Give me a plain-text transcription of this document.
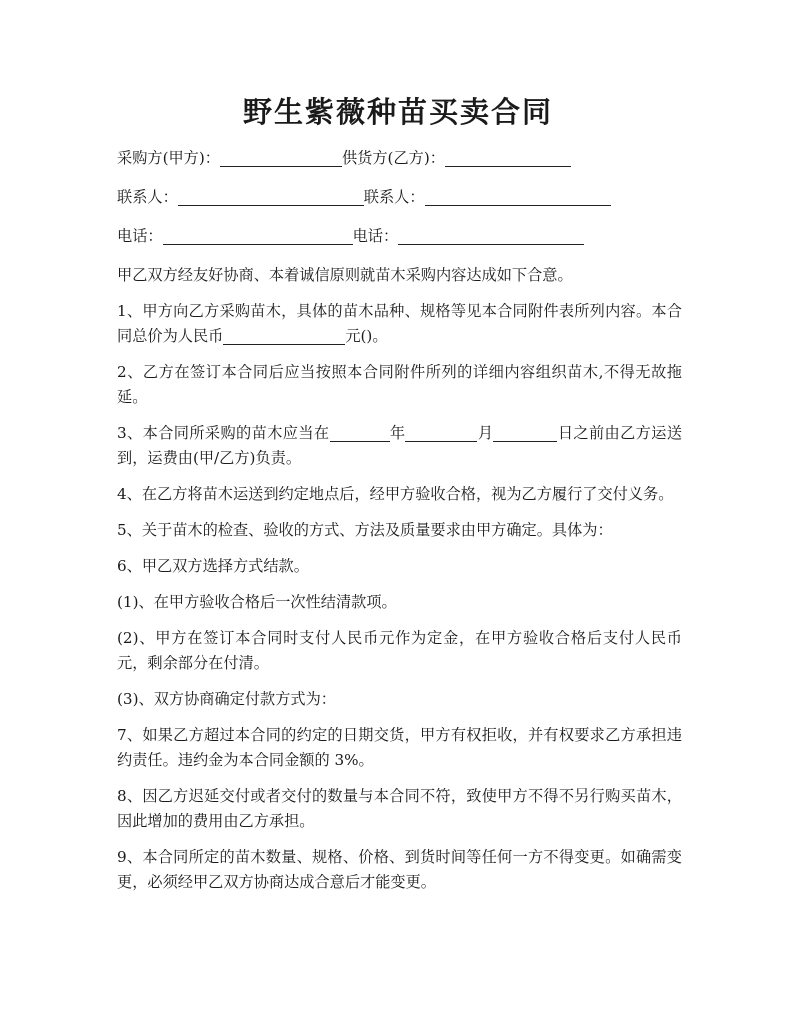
野生紫薇种苗买卖合同
采购方(甲方)：	供货方(乙方)：
联系人：	联系人：
电话：	电话：

甲乙双方经友好协商、本着诚信原则就苗木采购内容达成如下合意。

1、甲方向乙方采购苗木，具体的苗木品种、规格等见本合同附件表所列内容。本合同总价为人民币	元()。

2、乙方在签订本合同后应当按照本合同附件所列的详细内容组织苗木,不得无故拖延。

3、本合同所采购的苗木应当在	年	月	日之前由乙方运送到，运费由(甲/乙方)负责。

4、在乙方将苗木运送到约定地点后，经甲方验收合格，视为乙方履行了交付义务。

5、关于苗木的检查、验收的方式、方法及质量要求由甲方确定。具体为：

6、甲乙双方选择方式结款。

(1)、在甲方验收合格后一次性结清款项。

(2)、甲方在签订本合同时支付人民币元作为定金，在甲方验收合格后支付人民币元，剩余部分在付清。

(3)、双方协商确定付款方式为：

7、如果乙方超过本合同的约定的日期交货，甲方有权拒收，并有权要求乙方承担违约责任。违约金为本合同金额的 3%。

8、因乙方迟延交付或者交付的数量与本合同不符，致使甲方不得不另行购买苗木，因此增加的费用由乙方承担。

9、本合同所定的苗木数量、规格、价格、到货时间等任何一方不得变更。如确需变更，必须经甲乙双方协商达成合意后才能变更。
